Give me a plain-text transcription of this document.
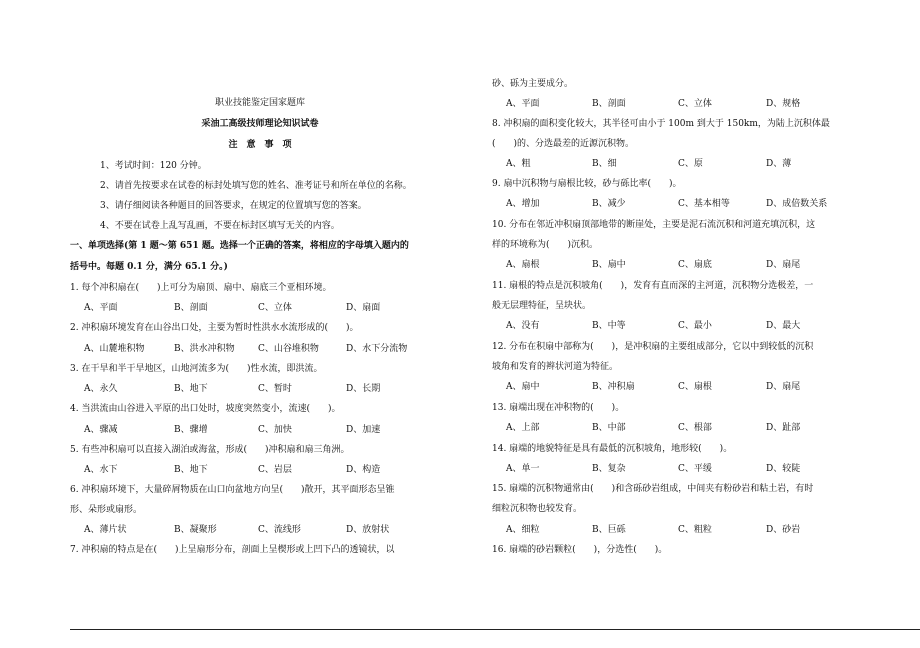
职业技能鉴定国家题库
采油工高级技师理论知识试卷
注　意　事　项
1、考试时间：120 分钟。
2、请首先按要求在试卷的标封处填写您的姓名、准考证号和所在单位的名称。
3、请仔细阅读各种题目的回答要求，在规定的位置填写您的答案。
4、不要在试卷上乱写乱画，不要在标封区填写无关的内容。
一、单项选择(第 1 题～第 651 题。选择一个正确的答案，将相应的字母填入题内的
括号中。每题 0.1 分，满分 65.1 分。)
1. 每个冲积扇在(　　)上可分为扇顶、扇中、扇底三个亚相环境。
A、平面	B、剖面	C、立体	D、扇面
2. 冲积扇环境发育在山谷出口处，主要为暂时性洪水水流形成的(　　)。
A、山麓堆积物	B、洪水冲积物	C、山谷堆积物	D、水下分流物
3. 在干旱和半干旱地区，山地河流多为(　　)性水流，即洪流。
A、永久	B、地下	C、暂时	D、长期
4. 当洪流由山谷进入平原的出口处时，坡度突然变小，流速(　　)。
A、骤减	B、骤增	C、加快	D、加速
5. 有些冲积扇可以直接入湖泊或海盆，形成(　　)冲积扇和扇三角洲。
A、水下	B、地下	C、岩层	D、构造
6. 冲积扇环境下，大量碎屑物质在山口向盆地方向呈(　　)散开，其平面形态呈锥
形、朵形或扇形。
A、薄片状	B、凝聚形	C、流线形	D、放射状
7. 冲积扇的特点是在(　　)上呈扇形分布，剖面上呈楔形或上凹下凸的透镜状，以
砂、砾为主要成分。
A、平面	B、剖面	C、立体	D、规格
8. 冲积扇的面积变化较大，其半径可由小于 100m 到大于 150km，为陆上沉积体最
(　　)的、分选最差的近源沉积物。
A、粗	B、细	C、原	D、薄
9. 扇中沉积物与扇根比较，砂与砾比率(　　)。
A、增加	B、减少	C、基本相等	D、成倍数关系
10. 分布在邻近冲积扇顶部地带的断崖处，主要是泥石流沉积和河道充填沉积，这
样的环境称为(　　)沉积。
A、扇根	B、扇中	C、扇底	D、扇尾
11. 扇根的特点是沉积坡角(　　)，发育有直而深的主河道，沉积物分选极差，一
般无层理特征，呈块状。
A、没有	B、中等	C、最小	D、最大
12. 分布在积扇中部称为(　　)，是冲积扇的主要组成部分，它以中到较低的沉积
坡角和发育的辫状河道为特征。
A、扇中	B、冲积扇	C、扇根	D、扇尾
13. 扇端出现在冲积物的(　　)。
A、上部	B、中部	C、根部	D、趾部
14. 扇端的地貌特征是具有最低的沉积坡角，地形较(　　)。
A、单一	B、复杂	C、平缓	D、较陡
15. 扇端的沉积物通常由(　　)和含砾砂岩组成，中间夹有粉砂岩和粘土岩，有时
细粒沉积物也较发育。
A、细粒	B、巨砾	C、粗粒	D、砂岩
16. 扇端的砂岩颗粒(　　)，分选性(　　)。
